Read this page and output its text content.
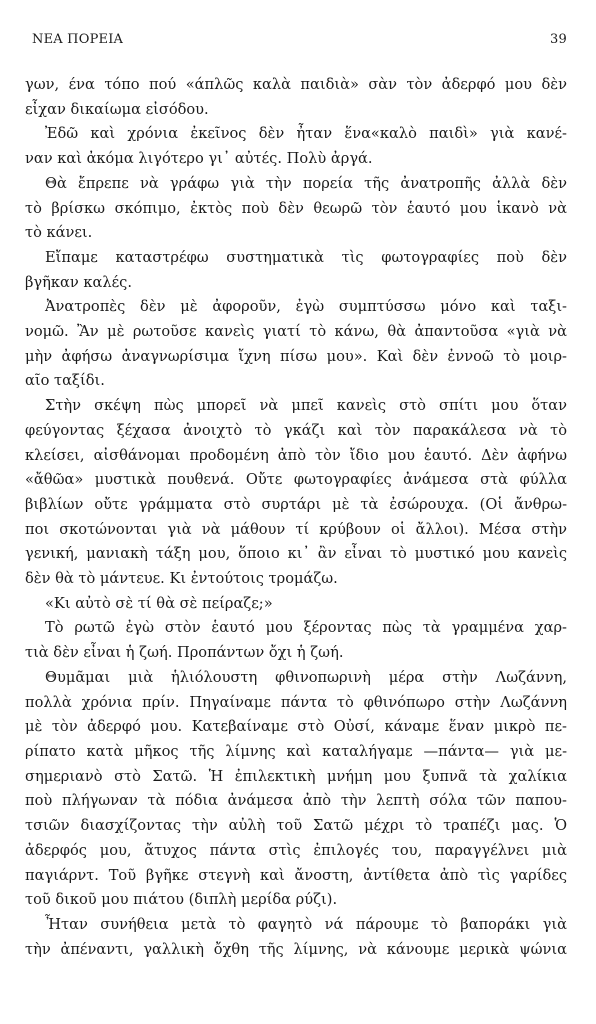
ΝΕΑ ΠΟΡΕΙΑ	39
γων, ένα τόπο πού «άπλῶς καλὰ παιδιὰ» σὰν τὸν ἀδερφό μου δὲν
εἶχαν δικαίωμα εἰσόδου.
Ἐδῶ καὶ χρόνια ἐκεῖνος δὲν ἦταν ἕνα«καλὸ παιδὶ» γιὰ κανέ-
ναν καὶ ἀκόμα λιγότερο γι᾽ αὐτές. Πολὺ ἀργά.
Θὰ ἔπρεπε νὰ γράφω γιὰ τὴν πορεία τῆς ἀνατροπῆς ἀλλὰ δὲν
τὸ βρίσκω σκόπιμο, ἐκτὸς ποὺ δὲν θεωρῶ τὸν ἑαυτό μου ἱκανὸ νὰ
τὸ κάνει.
Εἴπαμε καταστρέφω συστηματικὰ τὶς φωτογραφίες ποὺ δὲν
βγῆκαν καλές.
Ἀνατροπὲς δὲν μὲ ἀφοροῦν, ἐγὼ συμπτύσσω μόνο καὶ ταξι-
νομῶ. Ἂν μὲ ρωτοῦσε κανεὶς γιατί τὸ κάνω, θὰ ἀπαντοῦσα «γιὰ νὰ
μὴν ἀφήσω ἀναγνωρίσιμα ἴχνη πίσω μου». Καὶ δὲν ἐννοῶ τὸ μοιρ-
αῖο ταξίδι.
Στὴν σκέψη πὼς μπορεῖ νὰ μπεῖ κανεὶς στὸ σπίτι μου ὅταν
φεύγοντας ξέχασα ἀνοιχτὸ τὸ γκάζι καὶ τὸν παρακάλεσα νὰ τὸ
κλείσει, αἰσθάνομαι προδομένη ἀπὸ τὸν ἴδιο μου ἑαυτό. Δὲν ἀφήνω
«ἄθῶα» μυστικὰ πουθενά. Οὔτε φωτογραφίες ἀνάμεσα στὰ φύλλα
βιβλίων οὔτε γράμματα στὸ συρτάρι μὲ τὰ ἐσώρουχα. (Οἱ ἄνθρω-
ποι σκοτώνονται γιὰ νὰ μάθουν τί κρύβουν οἱ ἄλλοι). Μέσα στὴν
γενική, μανιακὴ τάξη μου, ὅποιο κι᾽ ἂν εἶναι τὸ μυστικό μου κανεὶς
δὲν θὰ τὸ μάντευε. Κι ἐντούτοις τρομάζω.
«Κι αὐτὸ σὲ τί θὰ σὲ πείραζε;»
Τὸ ρωτῶ ἐγὼ στὸν ἑαυτό μου ξέροντας πὼς τὰ γραμμένα χαρ-
τιὰ δὲν εἶναι ἡ ζωή. Προπάντων ὄχι ἡ ζωή.
Θυμᾶμαι μιὰ ἡλιόλουστη φθινοπωρινὴ μέρα στὴν Λωζάννη,
πολλὰ χρόνια πρίν. Πηγαίναμε πάντα τὸ φθινόπωρο στὴν Λωζάννη
μὲ τὸν ἀδερφό μου. Κατεβαίναμε στὸ Οὐσί, κάναμε ἕναν μικρὸ πε-
ρίπατο κατὰ μῆκος τῆς λίμνης καὶ καταλήγαμε —πάντα— γιὰ με-
σημεριανὸ στὸ Σατῶ. Ἡ ἐπιλεκτικὴ μνήμη μου ξυπνᾶ τὰ χαλίκια
ποὺ πλήγωναν τὰ πόδια ἀνάμεσα ἀπὸ τὴν λεπτὴ σόλα τῶν παπου-
τσιῶν διασχίζοντας τὴν αὐλὴ τοῦ Σατῶ μέχρι τὸ τραπέζι μας. Ὁ
ἀδερφός μου, ἄτυχος πάντα στὶς ἐπιλογές του, παραγγέλνει μιὰ
παγιάρντ. Τοῦ βγῆκε στεγνὴ καὶ ἄνοστη, ἀντίθετα ἀπὸ τὶς γαρίδες
τοῦ δικοῦ μου πιάτου (διπλὴ μερίδα ρύζι).
Ἦταν συνήθεια μετὰ τὸ φαγητὸ νά πάρουμε τὸ βαποράκι γιὰ
τὴν ἀπέναντι, γαλλικὴ ὄχθη τῆς λίμνης, νὰ κάνουμε μερικὰ ψώνια
